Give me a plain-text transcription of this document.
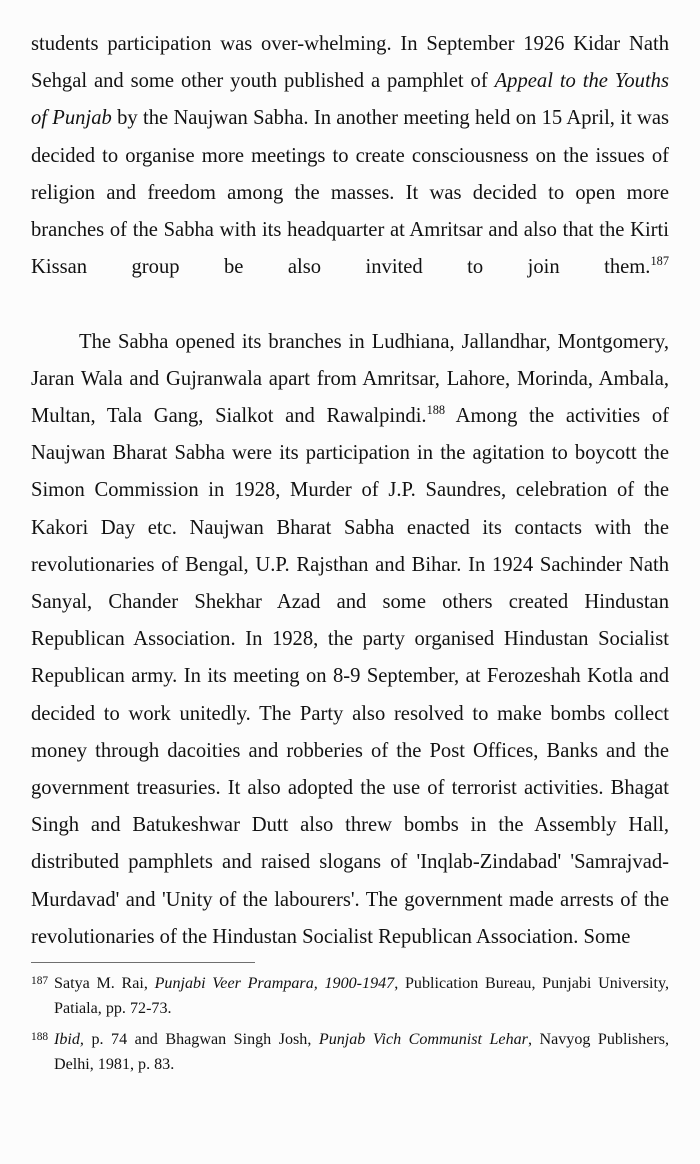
students participation was over-whelming. In September 1926 Kidar Nath Sehgal and some other youth published a pamphlet of Appeal to the Youths of Punjab by the Naujwan Sabha. In another meeting held on 15 April, it was decided to organise more meetings to create consciousness on the issues of religion and freedom among the masses. It was decided to open more branches of the Sabha with its headquarter at Amritsar and also that the Kirti Kissan group be also invited to join them.$^{187}$

The Sabha opened its branches in Ludhiana, Jallandhar, Montgomery, Jaran Wala and Gujranwala apart from Amritsar, Lahore, Morinda, Ambala, Multan, Tala Gang, Sialkot and Rawalpindi.$^{188}$ Among the activities of Naujwan Bharat Sabha were its participation in the agitation to boycott the Simon Commission in 1928, Murder of J.P. Saundres, celebration of the Kakori Day etc. Naujwan Bharat Sabha enacted its contacts with the revolutionaries of Bengal, U.P. Rajsthan and Bihar. In 1924 Sachinder Nath Sanyal, Chander Shekhar Azad and some others created Hindustan Republican Association. In 1928, the party organised Hindustan Socialist Republican army. In its meeting on 8-9 September, at Ferozeshah Kotla and decided to work unitedly. The Party also resolved to make bombs collect money through dacoities and robberies of the Post Offices, Banks and the government treasuries. It also adopted the use of terrorist activities. Bhagat Singh and Batukeshwar Dutt also threw bombs in the Assembly Hall, distributed pamphlets and raised slogans of 'Inqlab-Zindabad' 'Samrajvad-Murdavad' and 'Unity of the labourers'. The government made arrests of the revolutionaries of the Hindustan Socialist Republican Association. Some

187 Satya M. Rai, Punjabi Veer Prampara, 1900-1947, Publication Bureau, Punjabi University, Patiala, pp. 72-73.
188 Ibid, p. 74 and Bhagwan Singh Josh, Punjab Vich Communist Lehar, Navyog Publishers, Delhi, 1981, p. 83.
